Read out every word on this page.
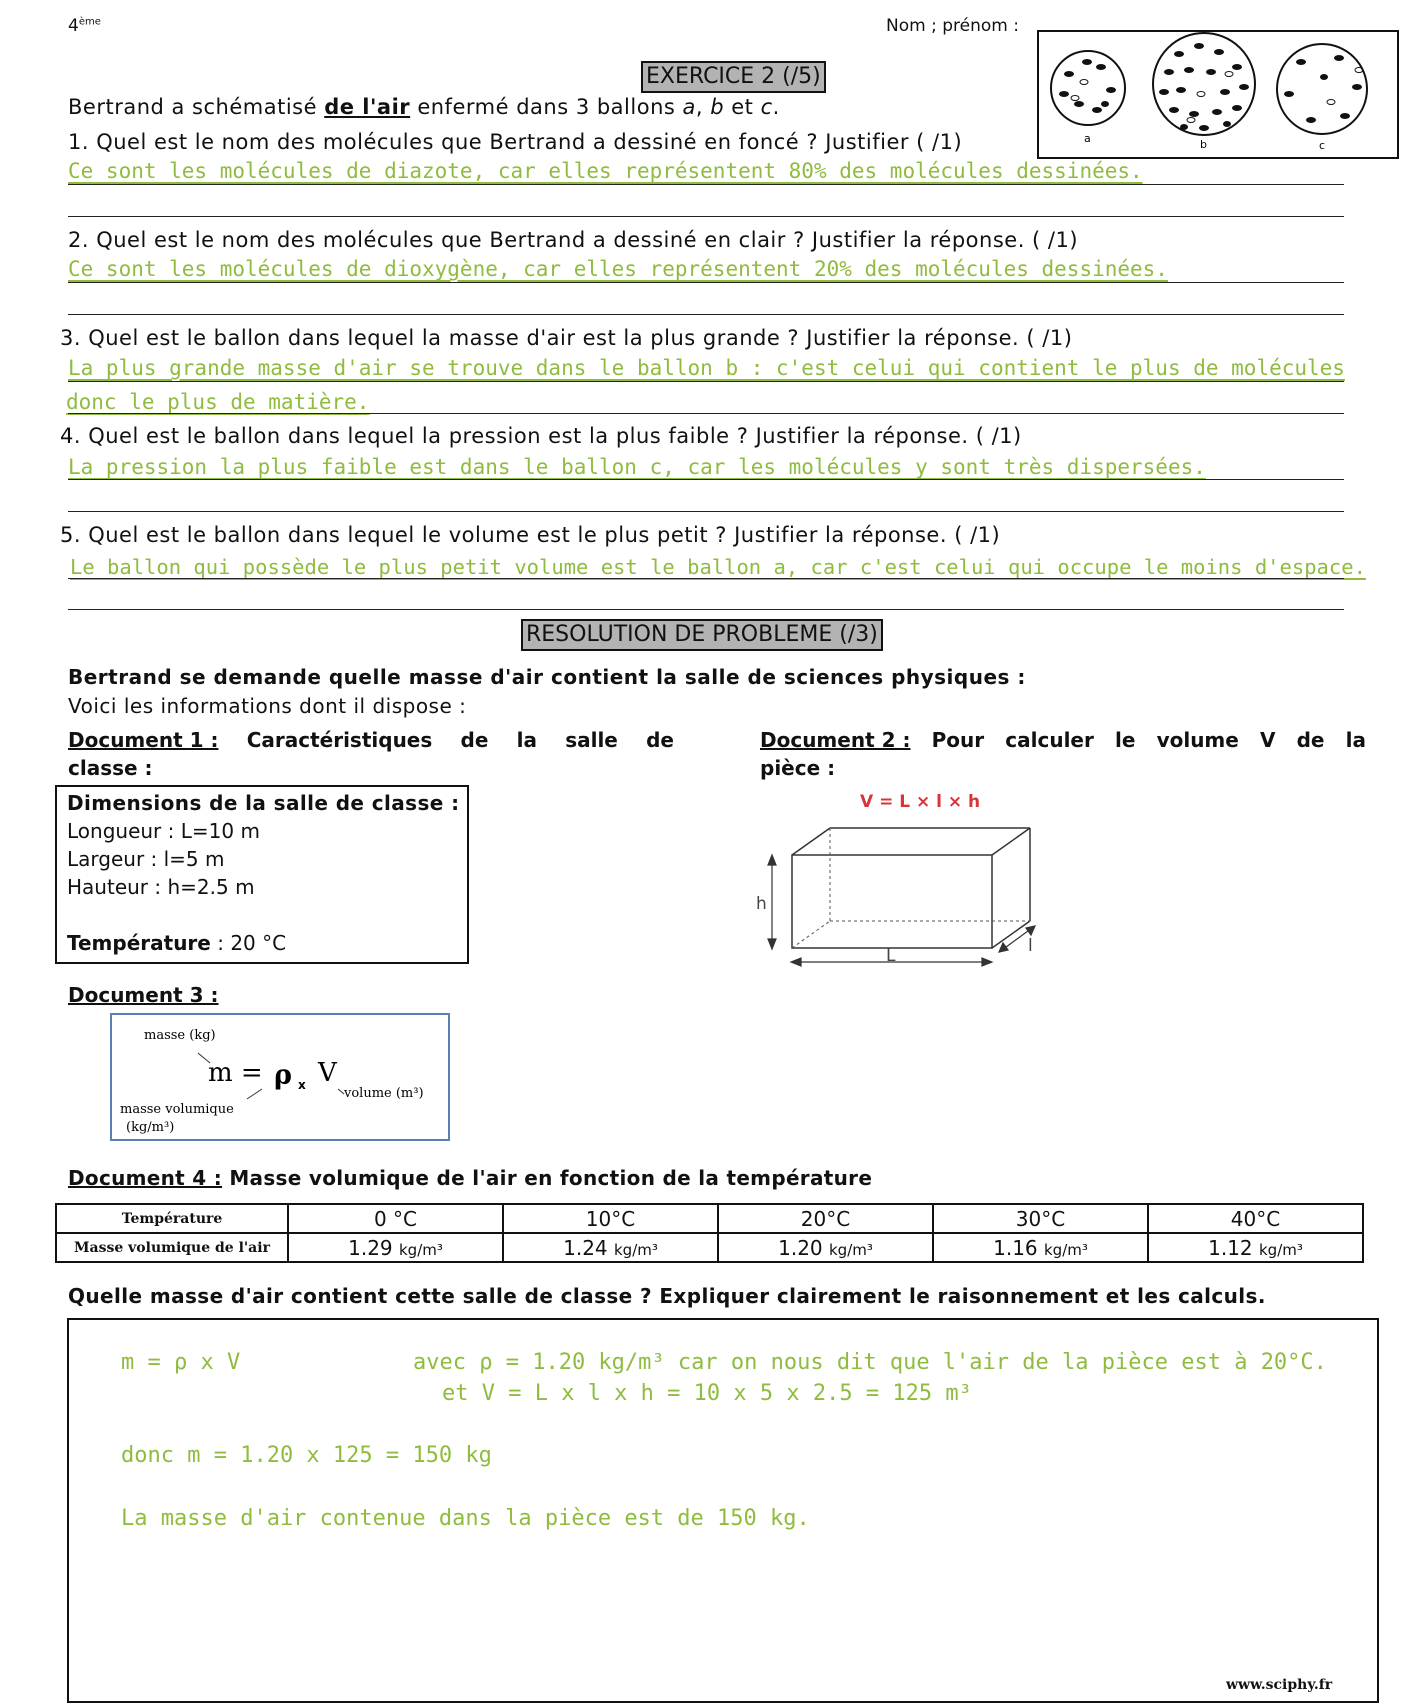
4ème	Nom ; prénom :
a	b	c
EXERCICE 2 (/5)
Bertrand a schématisé de l'air enfermé dans 3 ballons a, b et c.
1. Quel est le nom des molécules que Bertrand a dessiné en foncé ? Justifier ( /1)
Ce sont les molécules de diazote, car elles représentent 80% des molécules dessinées.
2. Quel est le nom des molécules que Bertrand a dessiné en clair ? Justifier la réponse. ( /1)
Ce sont les molécules de dioxygène, car elles représentent 20% des molécules dessinées.
3. Quel est le ballon dans lequel la masse d'air est la plus grande ? Justifier la réponse. ( /1)
La plus grande masse d'air se trouve dans le ballon b : c'est celui qui contient le plus de molécules
donc le plus de matière.
4. Quel est le ballon dans lequel la pression est la plus faible ? Justifier la réponse. ( /1)
La pression la plus faible est dans le ballon c, car les molécules y sont très dispersées.
5. Quel est le ballon dans lequel le volume est le plus petit ? Justifier la réponse. ( /1)
Le ballon qui possède le plus petit volume est le ballon a, car c'est celui qui occupe le moins d'espace.
RESOLUTION DE PROBLEME (/3)
Bertrand se demande quelle masse d'air contient la salle de sciences physiques :
Voici les informations dont il dispose :
Document 1 : Caractéristiques de la salle de
classe :
Dimensions de la salle de classe :
Longueur : L=10 m
Largeur : l=5 m
Hauteur : h=2.5 m
Température : 20 °C
Document 2 : Pour calculer le volume V de la
pièce :
V = L × l × h
h
L	l
Document 3 :
masse (kg)
m = ρ x V
volume (m³)
masse volumique
(kg/m³)
Document 4 : Masse volumique de l'air en fonction de la température
Température	0 °C	10°C	20°C	30°C	40°C
Masse volumique de l'air	1.29 kg/m³	1.24 kg/m³	1.20 kg/m³	1.16 kg/m³	1.12 kg/m³
Quelle masse d'air contient cette salle de classe ? Expliquer clairement le raisonnement et les calculs.
m = ρ x V	avec ρ = 1.20 kg/m³ car on nous dit que l'air de la pièce est à 20°C.
et V = L x l x h = 10 x 5 x 2.5 = 125 m³
donc m = 1.20 x 125 = 150 kg
La masse d'air contenue dans la pièce est de 150 kg.
www.sciphy.fr
